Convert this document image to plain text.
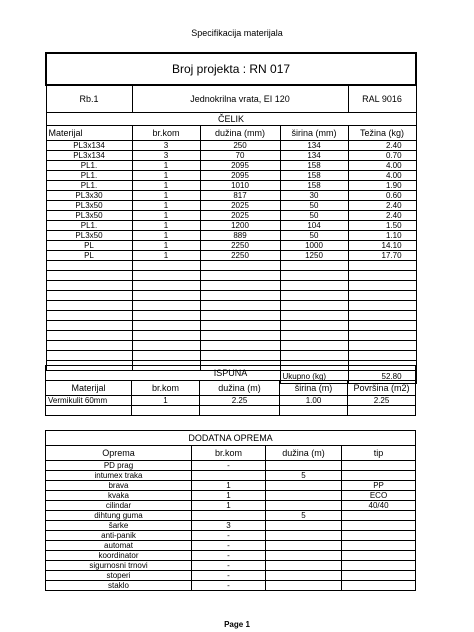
Specifikacija materijala
Broj projekta : RN 017				
Rb.1	Jednokrilna vrata, EI 120			RAL 9016
ČELIK				
Materijal	br.kom	dužina (mm)	širina (mm)	Težina (kg)
PL3x134	3	250	134	2.40
PL3x134	3	70	134	0.70
PL1.	1	2095	158	4.00
PL1.	1	2095	158	4.00
PL1.	1	1010	158	1.90
PL3x30	1	817	30	0.60
PL3x50	1	2025	50	2.40
PL3x50	1	2025	50	2.40
PL1.	1	1200	104	1.50
PL3x50	1	889	50	1.10
PL	1	2250	1000	14.10
PL	1	2250	1250	17.70

			Ukupno (kg)	52.80
ISPUNA				
Materijal	br.kom	dužina (m)	širina (m)	Površina (m2)
Vermikulit 60mm	1	2.25	1.00	2.25

DODATNA OPREMA			
Oprema	br.kom	dužina (m)	tip
PD prag	-		
intumex traka		5	
brava	1		PP
kvaka	1		ECO
cilindar	1		40/40
dihtung guma		5	
šarke	3		
anti-panik	-		
automat	-		
koordinator	-		
sigurnosni trnovi	-		
stoperi	-		
staklo	-		
Page 1
